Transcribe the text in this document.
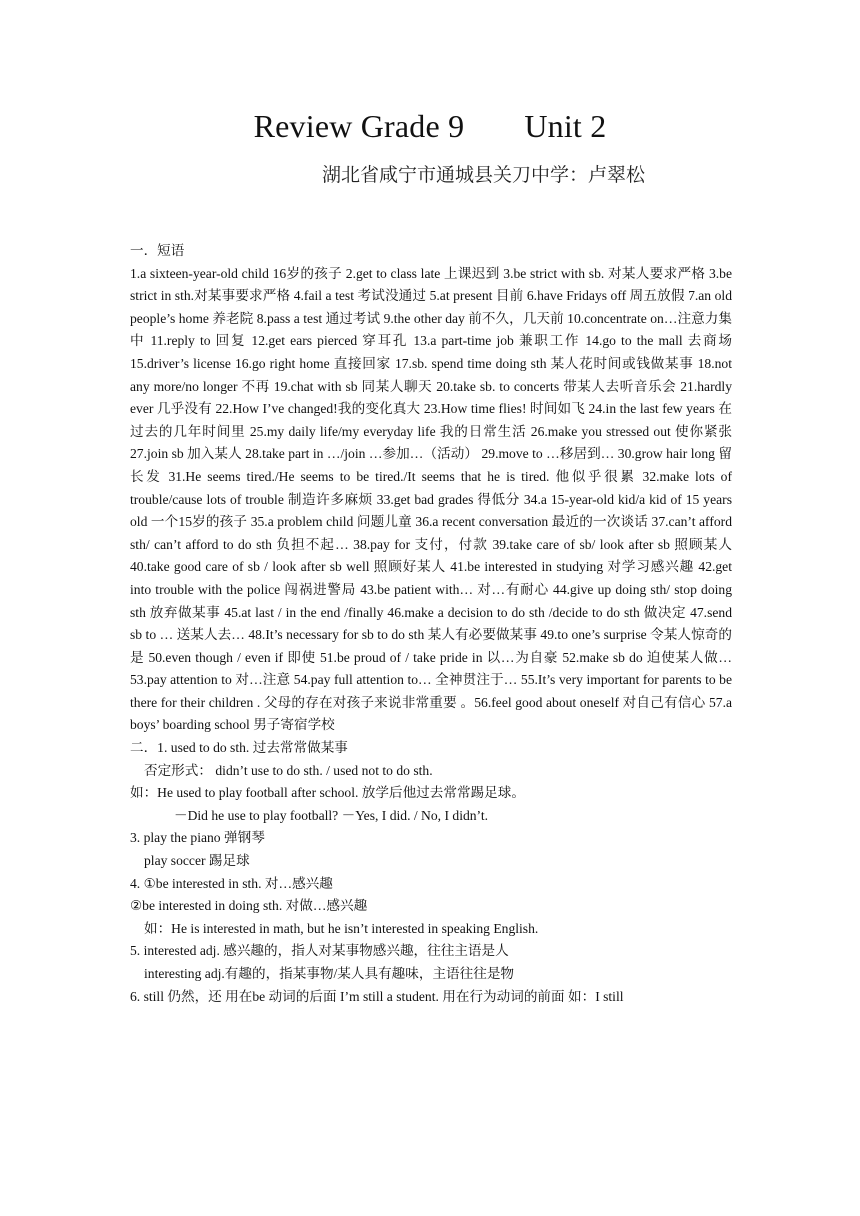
Review Grade 9 Unit 2
湖北省咸宁市通城县关刀中学：卢翠松

一．短语

1.a sixteen-year-old child 16岁的孩子 2.get to class late 上课迟到 3.be strict with sb. 对某人要求严格 3.be strict in sth.对某事要求严格 4.fail a test 考试没通过 5.at present 目前 6.have Fridays off 周五放假 7.an old people’s home 养老院 8.pass a test 通过考试 9.the other day 前不久，几天前 10.concentrate on…注意力集中 11.reply to 回复 12.get ears pierced 穿耳孔 13.a part-time job 兼职工作 14.go to the mall 去商场 15.driver’s license 16.go right home 直接回家 17.sb. spend time doing sth 某人花时间或钱做某事 18.not any more/no longer 不再 19.chat with sb 同某人聊天 20.take sb. to concerts 带某人去听音乐会 21.hardly ever 几乎没有 22.How I’ve changed!我的变化真大 23.How time flies! 时间如飞 24.in the last few years 在过去的几年时间里 25.my daily life/my everyday life 我的日常生活 26.make you stressed out 使你紧张 27.join sb 加入某人 28.take part in …/join …参加…（活动） 29.move to …移居到… 30.grow hair long 留长发 31.He seems tired./He seems to be tired./It seems that he is tired. 他似乎很累 32.make lots of trouble/cause lots of trouble 制造许多麻烦 33.get bad grades 得低分 34.a 15-year-old kid/a kid of 15 years old 一个15岁的孩子 35.a problem child 问题儿童 36.a recent conversation 最近的一次谈话 37.can’t afford sth/ can’t afford to do sth 负担不起… 38.pay for 支付，付款 39.take care of sb/ look after sb 照顾某人 40.take good care of sb / look after sb well 照顾好某人 41.be interested in studying 对学习感兴趣 42.get into trouble with the police 闯祸进警局 43.be patient with… 对…有耐心 44.give up doing sth/ stop doing sth 放弃做某事 45.at last / in the end /finally 46.make a decision to do sth /decide to do sth 做决定 47.send sb to … 送某人去… 48.It’s necessary for sb to do sth 某人有必要做某事 49.to one’s surprise 令某人惊奇的是 50.even though / even if 即使 51.be proud of / take pride in 以…为自豪 52.make sb do 迫使某人做… 53.pay attention to 对…注意 54.pay full attention to… 全神贯注于… 55.It’s very important for parents to be there for their children . 父母的存在对孩子来说非常重要 。56.feel good about oneself 对自己有信心 57.a boys’ boarding school 男子寄宿学校

二．1. used to do sth. 过去常常做某事

否定形式： didn’t use to do sth. / used not to do sth.

如：He used to play football after school. 放学后他过去常常踢足球。

－Did he use to play football? －Yes, I did. / No, I didn’t.

3. play the piano 弹钢琴

play soccer 踢足球

4. ①be interested in sth. 对…感兴趣

②be interested in doing sth. 对做…感兴趣

如：He is interested in math, but he isn’t interested in speaking English.

5. interested adj. 感兴趣的，指人对某事物感兴趣，往往主语是人

interesting adj.有趣的，指某事物/某人具有趣味，主语往往是物

6. still 仍然，还 用在be 动词的后面 I’m still a student. 用在行为动词的前面 如：I still
